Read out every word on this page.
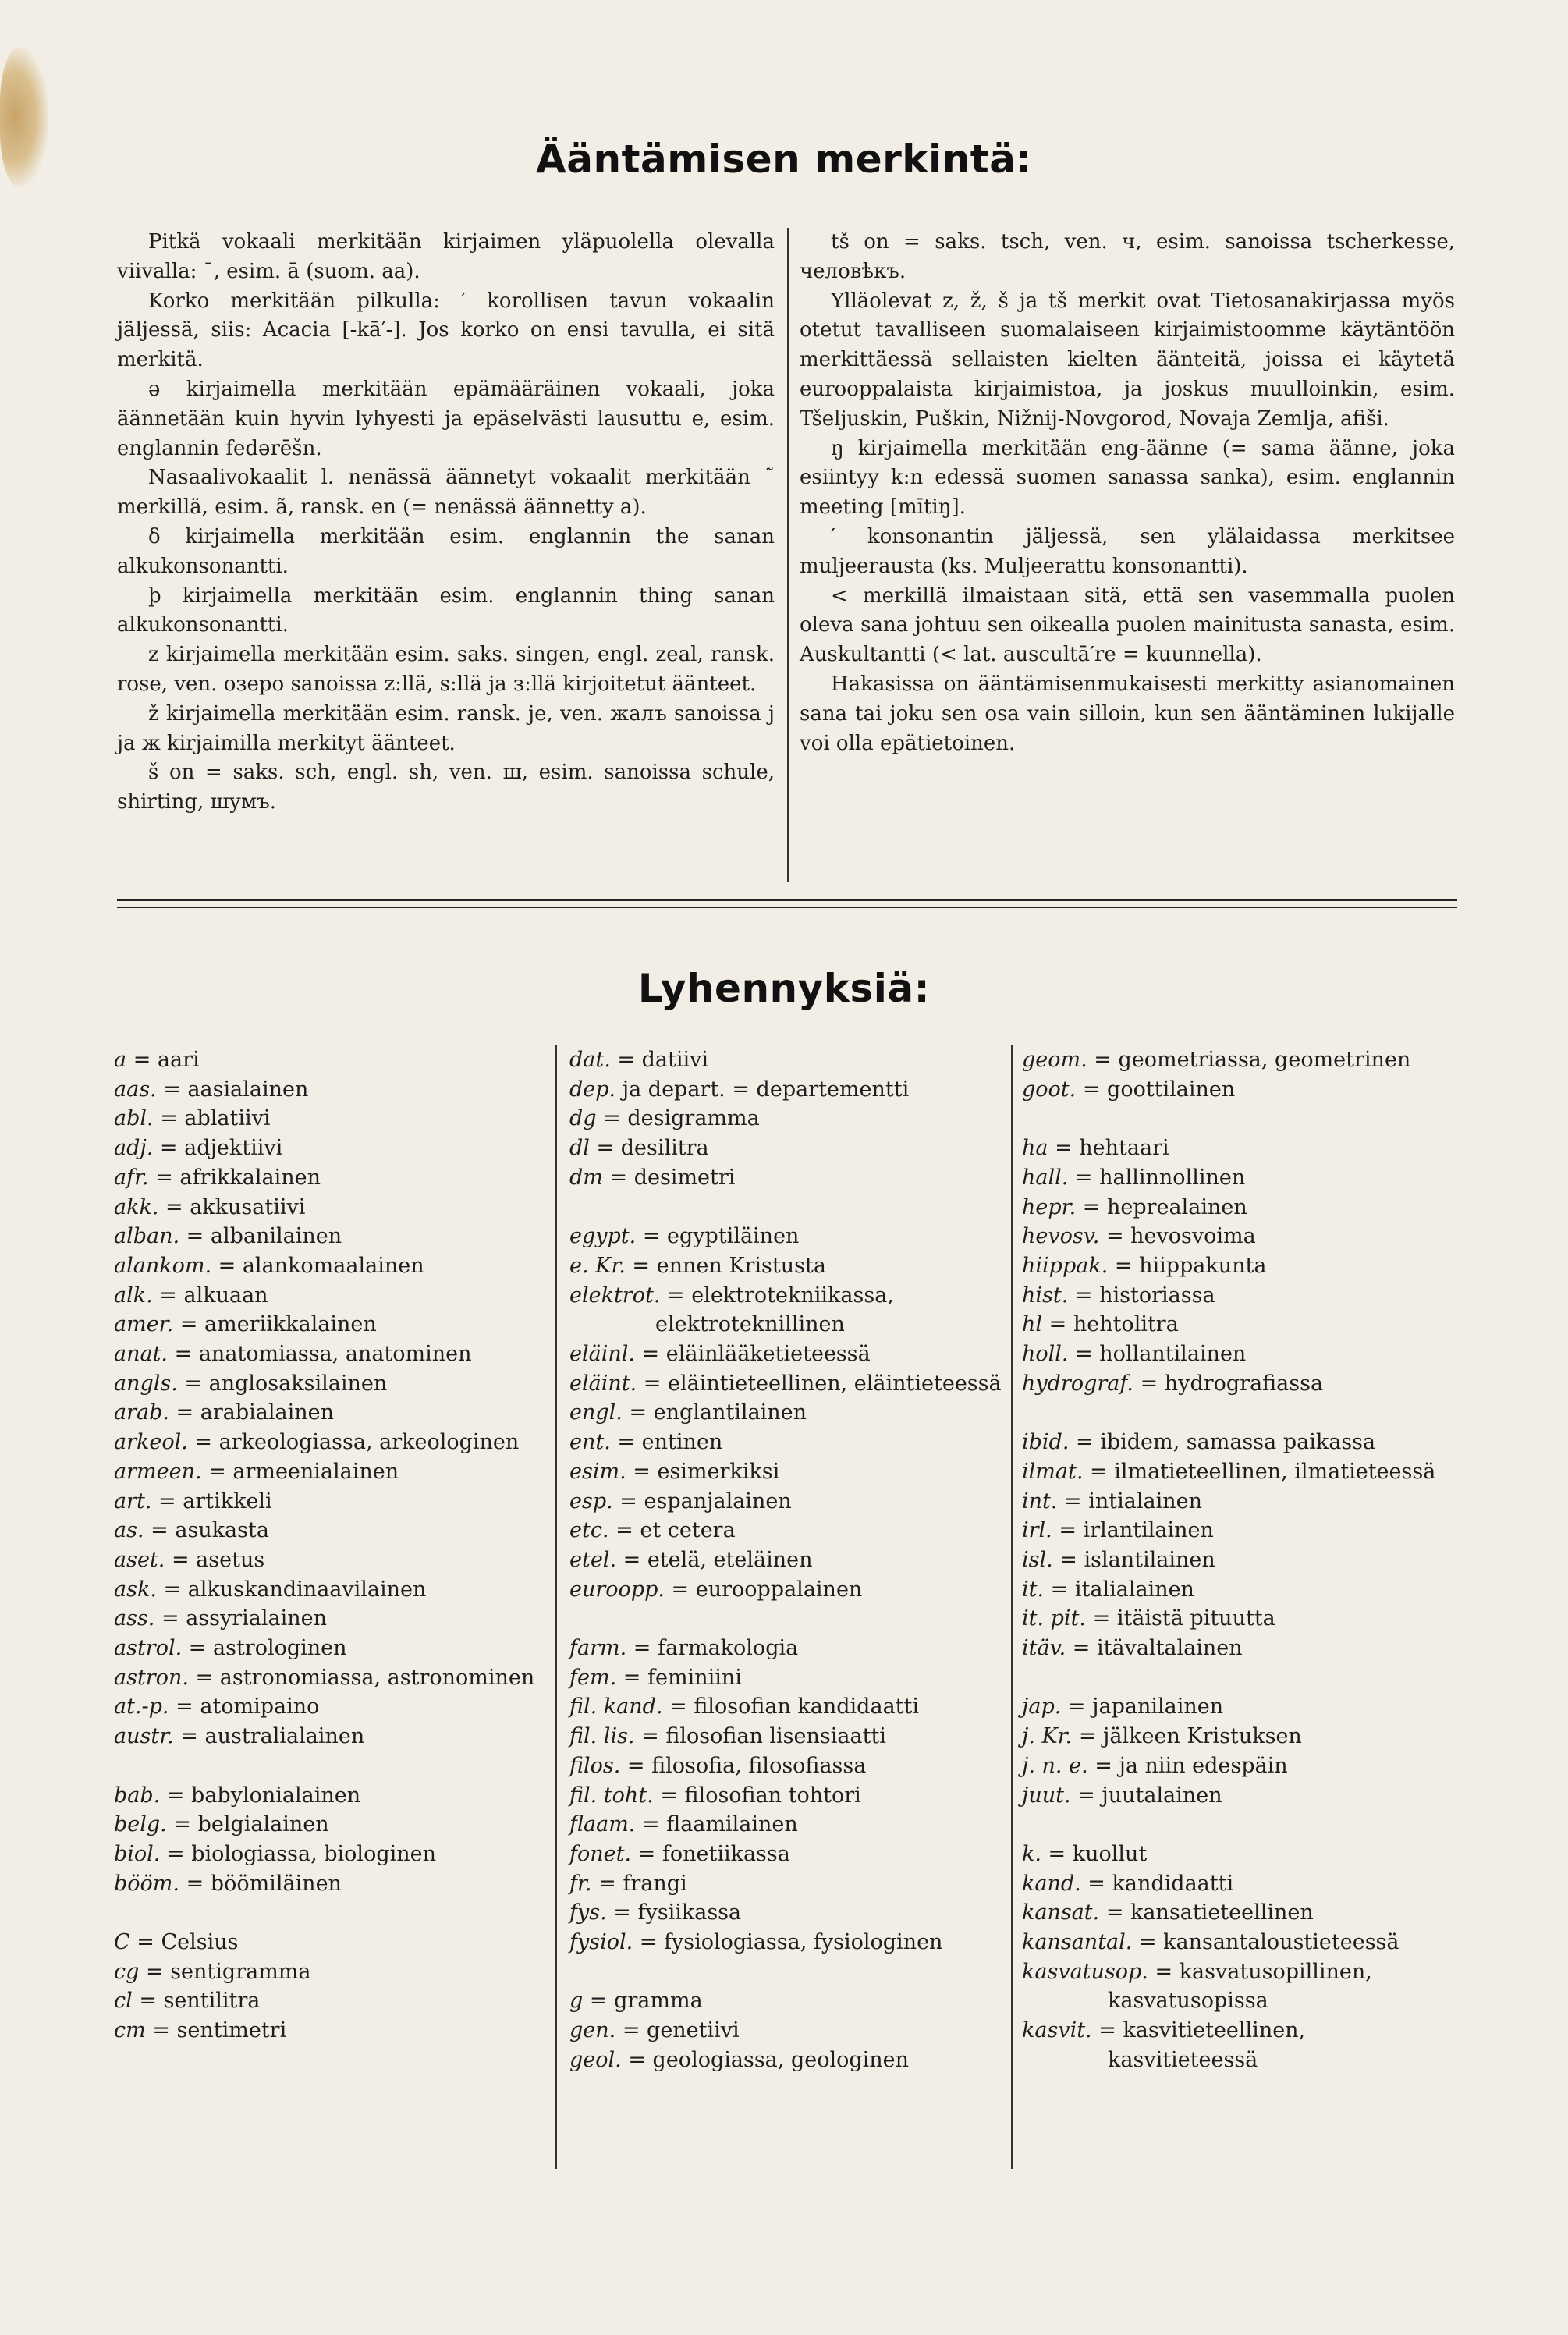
Ääntämisen merkintä:

Pitkä vokaali merkitään kirjaimen yläpuolella olevalla viivalla: ¯, esim. ā (suom. aa).

Korko merkitään pilkulla: ′ korollisen tavun vokaalin jäljessä, siis: Acacia [-kā′-]. Jos korko on ensi tavulla, ei sitä merkitä.

ə kirjaimella merkitään epämääräinen vokaali, joka äännetään kuin hyvin lyhyesti ja epäselvästi lausuttu e, esim. englannin fedərēšn.

Nasaalivokaalit l. nenässä äännetyt vokaalit merkitään ˜ merkillä, esim. ã, ransk. en (= nenässä äännetty a).

δ kirjaimella merkitään esim. englannin the sanan alkukonsonantti.

þ kirjaimella merkitään esim. englannin thing sanan alkukonsonantti.

z kirjaimella merkitään esim. saks. singen, engl. zeal, ransk. rose, ven. озеро sanoissa z:llä, s:llä ja з:llä kirjoitetut äänteet.

ž kirjaimella merkitään esim. ransk. je, ven. жалъ sanoissa j ja ж kirjaimilla merkityt äänteet.

š on = saks. sch, engl. sh, ven. ш, esim. sanoissa schule, shirting, шумъ.

tš on = saks. tsch, ven. ч, esim. sanoissa tscherkesse, человѣкъ.

Ylläolevat z, ž, š ja tš merkit ovat Tietosanakirjassa myös otetut tavalliseen suomalaiseen kirjaimistoomme käytäntöön merkittäessä sellaisten kielten äänteitä, joissa ei käytetä eurooppalaista kirjaimistoa, ja joskus muulloinkin, esim. Tšeljuskin, Puškin, Nižnij-Novgorod, Novaja Zemlja, afiši.

ŋ kirjaimella merkitään eng-äänne (= sama äänne, joka esiintyy k:n edessä suomen sanassa sanka), esim. englannin meeting [mītiŋ].

′ konsonantin jäljessä, sen ylälaidassa merkitsee muljeerausta (ks. Muljeerattu konsonantti).

< merkillä ilmaistaan sitä, että sen vasemmalla puolen oleva sana johtuu sen oikealla puolen mainitusta sanasta, esim. Auskultantti (< lat. auscultā′re = kuunnella).

Hakasissa on ääntämisenmukaisesti merkitty asianomainen sana tai joku sen osa vain silloin, kun sen ääntäminen lukijalle voi olla epätietoinen.

Lyhennyksiä:
a = aari
aas. = aasialainen
abl. = ablatiivi
adj. = adjektiivi
afr. = afrikkalainen
akk. = akkusatiivi
alban. = albanilainen
alankom. = alankomaalainen
alk. = alkuaan
amer. = ameriikkalainen
anat. = anatomiassa, anatominen
angls. = anglosaksilainen
arab. = arabialainen
arkeol. = arkeologiassa, arkeologinen
armeen. = armeenialainen
art. = artikkeli
as. = asukasta
aset. = asetus
ask. = alkuskandinaavilainen
ass. = assyrialainen
astrol. = astrologinen
astron. = astronomiassa, astronominen
at.-p. = atomipaino
austr. = australialainen
bab. = babylonialainen
belg. = belgialainen
biol. = biologiassa, biologinen
bööm. = böömiläinen
C = Celsius
cg = sentigramma
cl = sentilitra
cm = sentimetri
dat. = datiivi
dep. ja depart. = departementti
dg = desigramma
dl = desilitra
dm = desimetri
egypt. = egyptiläinen
e. Kr. = ennen Kristusta
elektrot. = elektrotekniikassa, elektroteknillinen
eläinl. = eläinlääketieteessä
eläint. = eläintieteellinen, eläintieteessä
engl. = englantilainen
ent. = entinen
esim. = esimerkiksi
esp. = espanjalainen
etc. = et cetera
etel. = etelä, eteläinen
euroopp. = eurooppalainen
farm. = farmakologia
fem. = feminiini
fil. kand. = filosofian kandidaatti
fil. lis. = filosofian lisensiaatti
filos. = filosofia, filosofiassa
fil. toht. = filosofian tohtori
flaam. = flaamilainen
fonet. = fonetiikassa
fr. = frangi
fys. = fysiikassa
fysiol. = fysiologiassa, fysiologinen
g = gramma
gen. = genetiivi
geol. = geologiassa, geologinen
geom. = geometriassa, geometrinen
goot. = goottilainen
ha = hehtaari
hall. = hallinnollinen
hepr. = heprealainen
hevosv. = hevosvoima
hiippak. = hiippakunta
hist. = historiassa
hl = hehtolitra
holl. = hollantilainen
hydrograf. = hydrografiassa
ibid. = ibidem, samassa paikassa
ilmat. = ilmatieteellinen, ilmatieteessä
int. = intialainen
irl. = irlantilainen
isl. = islantilainen
it. = italialainen
it. pit. = itäistä pituutta
itäv. = itävaltalainen
jap. = japanilainen
j. Kr. = jälkeen Kristuksen
j. n. e. = ja niin edespäin
juut. = juutalainen
k. = kuollut
kand. = kandidaatti
kansat. = kansatieteellinen
kansantal. = kansantaloustieteessä
kasvatusop. = kasvatusopillinen, kasvatusopissa
kasvit. = kasvitieteellinen, kasvitieteessä
